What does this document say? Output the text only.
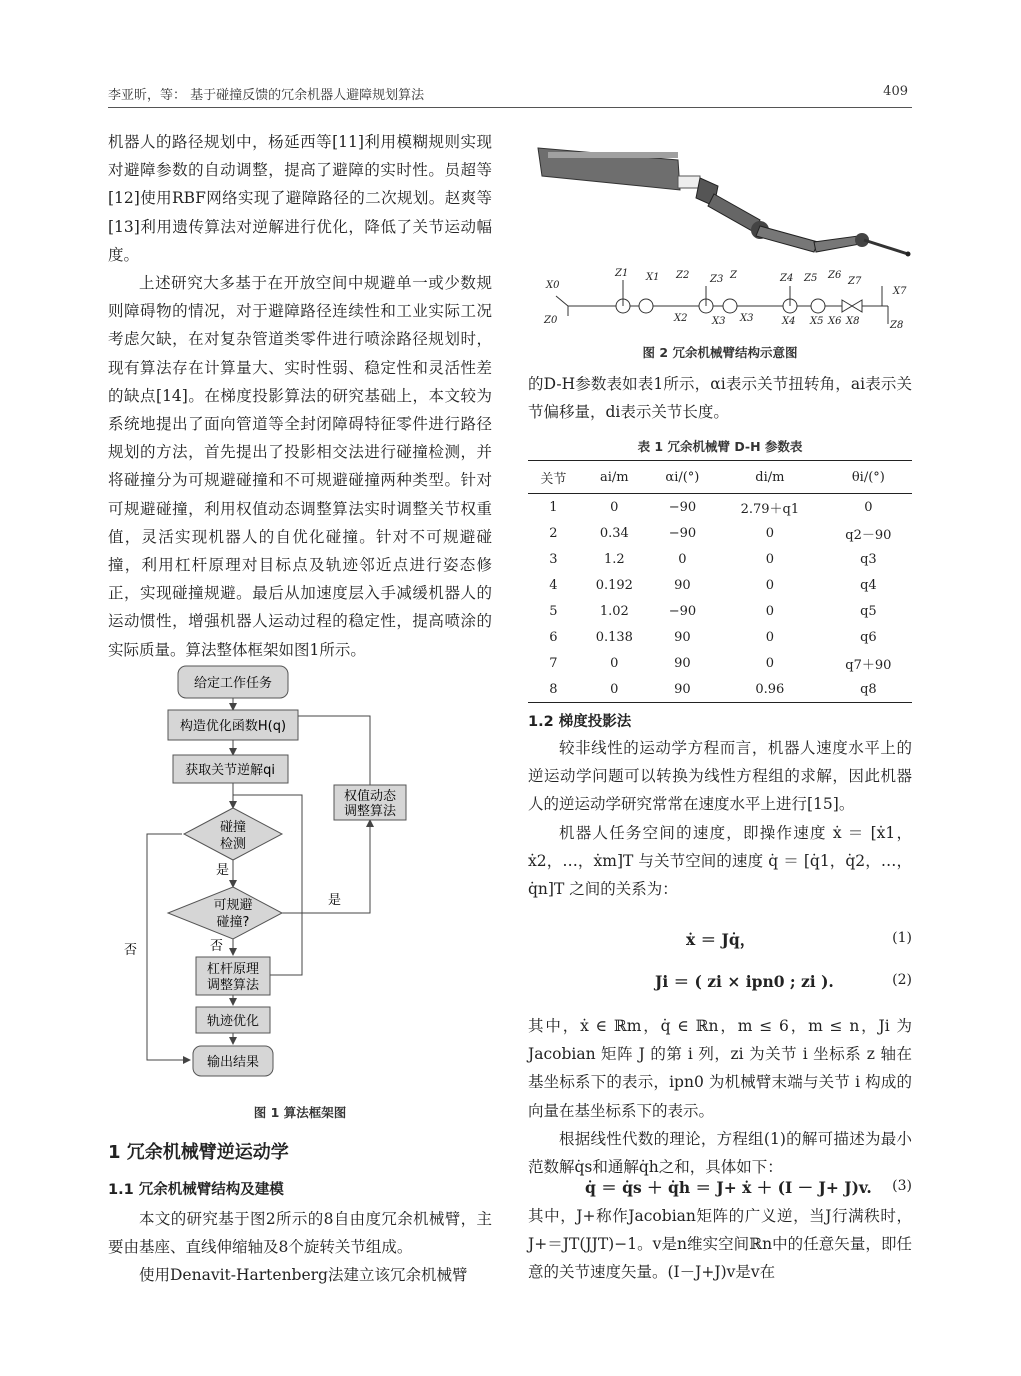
李亚昕，等： 基于碰撞反馈的冗余机器人避障规划算法	409

机器人的路径规划中，杨延西等[11]利用模糊规则实现对避障参数的自动调整，提高了避障的实时性。员超等[12]使用RBF网络实现了避障路径的二次规划。赵爽等[13]利用遗传算法对逆解进行优化，降低了关节运动幅度。

上述研究大多基于在开放空间中规避单一或少数规则障碍物的情况，对于避障路径连续性和工业实际工况考虑欠缺，在对复杂管道类零件进行喷涂路径规划时，现有算法存在计算量大、实时性弱、稳定性和灵活性差的缺点[14]。在梯度投影算法的研究基础上，本文较为系统地提出了面向管道等全封闭障碍特征零件进行路径规划的方法，首先提出了投影相交法进行碰撞检测，并将碰撞分为可规避碰撞和不可规避碰撞两种类型。针对可规避碰撞，利用权值动态调整算法实时调整关节权重值，灵活实现机器人的自优化碰撞。针对不可规避碰撞，利用杠杆原理对目标点及轨迹邻近点进行姿态修正，实现碰撞规避。最后从加速度层入手减缓机器人的运动惯性，增强机器人运动过程的稳定性，提高喷涂的实际质量。算法整体框架如图1所示。

给定工作任务
构造优化函数H(q)
获取关节逆解qi
碰撞
检测
是
可规避
碰撞?
是
否
否
权值动态
调整算法
杠杆原理
调整算法
轨迹优化
输出结果
图 1 算法框架图
1 冗余机械臂逆运动学
1.1 冗余机械臂结构及建模

本文的研究基于图2所示的8自由度冗余机械臂，主要由基座、直线伸缩轴及8个旋转关节组成。

使用Denavit-Hartenberg法建立该冗余机械臂

X0
Z0
Z1 X1 Z2
X2
Z3 Z
X3 X3
Z4 Z5 Z6
X4 X5 X6
Z7
X7
X8	Z8
图 2 冗余机械臂结构示意图

的D-H参数表如表1所示，αi表示关节扭转角，ai表示关节偏移量，di表示关节长度。

表 1 冗余机械臂 D-H 参数表
关节	ai/m	αi/(°)	di/m	θi/(°)
1	0	−90	2.79＋q1	0
2	0.34	−90	0	q2－90
3	1.2	0	0	q3
4	0.192	90	0	q4
5	1.02	−90	0	q5
6	0.138	90	0	q6
7	0	90	0	q7＋90
8	0	90	0.96	q8
1.2 梯度投影法

较非线性的运动学方程而言，机器人速度水平上的逆运动学问题可以转换为线性方程组的求解，因此机器人的逆运动学研究常常在速度水平上进行[15]。

机器人任务空间的速度，即操作速度 ẋ ＝ [ẋ1，ẋ2，…，ẋm]T 与关节空间的速度 q̇ ＝ [q̇1，q̇2，…，q̇n]T 之间的关系为：

ẋ ＝ Jq̇，	(1)
Ji ＝ ( zi × ipn0 ; zi ).	(2)

其中，ẋ ∈ ℝm，q̇ ∈ ℝn，m ≤ 6，m ≤ n，Ji 为 Jacobian 矩阵 J 的第 i 列，zi 为关节 i 坐标系 z 轴在基坐标系下的表示，ipn0 为机械臂末端与关节 i 构成的向量在基坐标系下的表示。

根据线性代数的理论，方程组(1)的解可描述为最小范数解q̇s和通解q̇h之和，具体如下：

q̇ ＝ q̇s ＋ q̇h ＝ J+ ẋ ＋ (I － J+ J)v. (3)

其中，J+称作Jacobian矩阵的广义逆，当J行满秩时，J+＝JT(JJT)−1。v是n维实空间ℝn中的任意矢量，即任意的关节速度矢量。(I－J+J)v是v在
